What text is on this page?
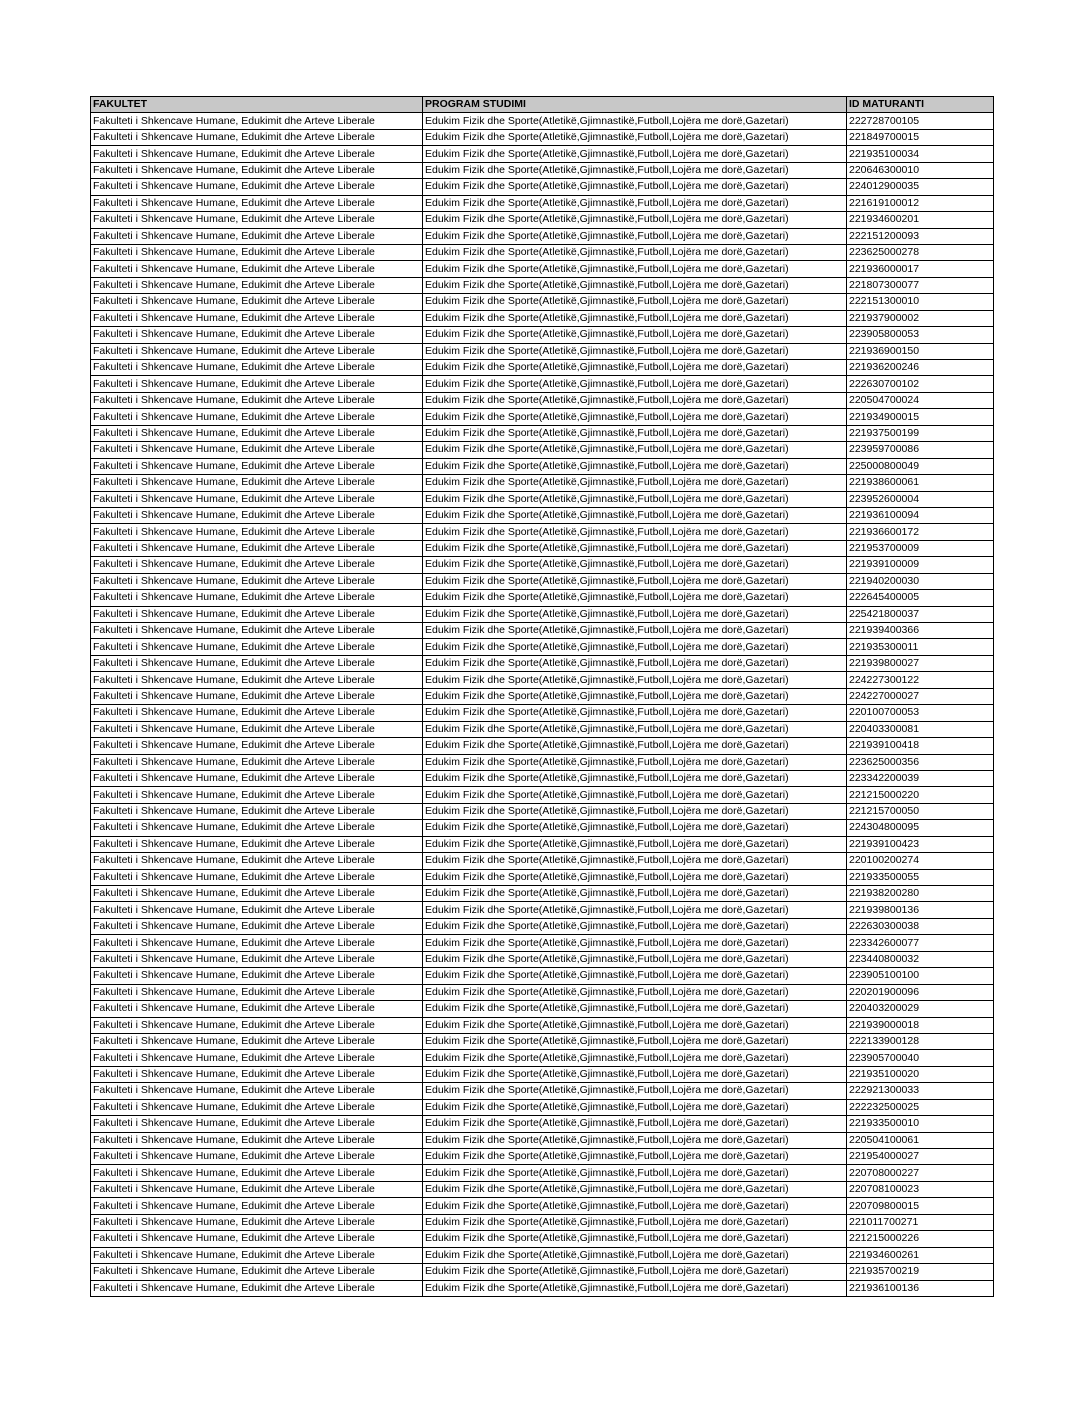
FAKULTET	PROGRAM STUDIMI	ID MATURANTI
Fakulteti i Shkencave Humane, Edukimit dhe Arteve Liberale	Edukim Fizik dhe Sporte(Atletikë,Gjimnastikë,Futboll,Lojëra me dorë,Gazetari)	222728700105
Fakulteti i Shkencave Humane, Edukimit dhe Arteve Liberale	Edukim Fizik dhe Sporte(Atletikë,Gjimnastikë,Futboll,Lojëra me dorë,Gazetari)	221849700015
Fakulteti i Shkencave Humane, Edukimit dhe Arteve Liberale	Edukim Fizik dhe Sporte(Atletikë,Gjimnastikë,Futboll,Lojëra me dorë,Gazetari)	221935100034
Fakulteti i Shkencave Humane, Edukimit dhe Arteve Liberale	Edukim Fizik dhe Sporte(Atletikë,Gjimnastikë,Futboll,Lojëra me dorë,Gazetari)	220646300010
Fakulteti i Shkencave Humane, Edukimit dhe Arteve Liberale	Edukim Fizik dhe Sporte(Atletikë,Gjimnastikë,Futboll,Lojëra me dorë,Gazetari)	224012900035
Fakulteti i Shkencave Humane, Edukimit dhe Arteve Liberale	Edukim Fizik dhe Sporte(Atletikë,Gjimnastikë,Futboll,Lojëra me dorë,Gazetari)	221619100012
Fakulteti i Shkencave Humane, Edukimit dhe Arteve Liberale	Edukim Fizik dhe Sporte(Atletikë,Gjimnastikë,Futboll,Lojëra me dorë,Gazetari)	221934600201
Fakulteti i Shkencave Humane, Edukimit dhe Arteve Liberale	Edukim Fizik dhe Sporte(Atletikë,Gjimnastikë,Futboll,Lojëra me dorë,Gazetari)	222151200093
Fakulteti i Shkencave Humane, Edukimit dhe Arteve Liberale	Edukim Fizik dhe Sporte(Atletikë,Gjimnastikë,Futboll,Lojëra me dorë,Gazetari)	223625000278
Fakulteti i Shkencave Humane, Edukimit dhe Arteve Liberale	Edukim Fizik dhe Sporte(Atletikë,Gjimnastikë,Futboll,Lojëra me dorë,Gazetari)	221936000017
Fakulteti i Shkencave Humane, Edukimit dhe Arteve Liberale	Edukim Fizik dhe Sporte(Atletikë,Gjimnastikë,Futboll,Lojëra me dorë,Gazetari)	221807300077
Fakulteti i Shkencave Humane, Edukimit dhe Arteve Liberale	Edukim Fizik dhe Sporte(Atletikë,Gjimnastikë,Futboll,Lojëra me dorë,Gazetari)	222151300010
Fakulteti i Shkencave Humane, Edukimit dhe Arteve Liberale	Edukim Fizik dhe Sporte(Atletikë,Gjimnastikë,Futboll,Lojëra me dorë,Gazetari)	221937900002
Fakulteti i Shkencave Humane, Edukimit dhe Arteve Liberale	Edukim Fizik dhe Sporte(Atletikë,Gjimnastikë,Futboll,Lojëra me dorë,Gazetari)	223905800053
Fakulteti i Shkencave Humane, Edukimit dhe Arteve Liberale	Edukim Fizik dhe Sporte(Atletikë,Gjimnastikë,Futboll,Lojëra me dorë,Gazetari)	221936900150
Fakulteti i Shkencave Humane, Edukimit dhe Arteve Liberale	Edukim Fizik dhe Sporte(Atletikë,Gjimnastikë,Futboll,Lojëra me dorë,Gazetari)	221936200246
Fakulteti i Shkencave Humane, Edukimit dhe Arteve Liberale	Edukim Fizik dhe Sporte(Atletikë,Gjimnastikë,Futboll,Lojëra me dorë,Gazetari)	222630700102
Fakulteti i Shkencave Humane, Edukimit dhe Arteve Liberale	Edukim Fizik dhe Sporte(Atletikë,Gjimnastikë,Futboll,Lojëra me dorë,Gazetari)	220504700024
Fakulteti i Shkencave Humane, Edukimit dhe Arteve Liberale	Edukim Fizik dhe Sporte(Atletikë,Gjimnastikë,Futboll,Lojëra me dorë,Gazetari)	221934900015
Fakulteti i Shkencave Humane, Edukimit dhe Arteve Liberale	Edukim Fizik dhe Sporte(Atletikë,Gjimnastikë,Futboll,Lojëra me dorë,Gazetari)	221937500199
Fakulteti i Shkencave Humane, Edukimit dhe Arteve Liberale	Edukim Fizik dhe Sporte(Atletikë,Gjimnastikë,Futboll,Lojëra me dorë,Gazetari)	223959700086
Fakulteti i Shkencave Humane, Edukimit dhe Arteve Liberale	Edukim Fizik dhe Sporte(Atletikë,Gjimnastikë,Futboll,Lojëra me dorë,Gazetari)	225000800049
Fakulteti i Shkencave Humane, Edukimit dhe Arteve Liberale	Edukim Fizik dhe Sporte(Atletikë,Gjimnastikë,Futboll,Lojëra me dorë,Gazetari)	221938600061
Fakulteti i Shkencave Humane, Edukimit dhe Arteve Liberale	Edukim Fizik dhe Sporte(Atletikë,Gjimnastikë,Futboll,Lojëra me dorë,Gazetari)	223952600004
Fakulteti i Shkencave Humane, Edukimit dhe Arteve Liberale	Edukim Fizik dhe Sporte(Atletikë,Gjimnastikë,Futboll,Lojëra me dorë,Gazetari)	221936100094
Fakulteti i Shkencave Humane, Edukimit dhe Arteve Liberale	Edukim Fizik dhe Sporte(Atletikë,Gjimnastikë,Futboll,Lojëra me dorë,Gazetari)	221936600172
Fakulteti i Shkencave Humane, Edukimit dhe Arteve Liberale	Edukim Fizik dhe Sporte(Atletikë,Gjimnastikë,Futboll,Lojëra me dorë,Gazetari)	221953700009
Fakulteti i Shkencave Humane, Edukimit dhe Arteve Liberale	Edukim Fizik dhe Sporte(Atletikë,Gjimnastikë,Futboll,Lojëra me dorë,Gazetari)	221939100009
Fakulteti i Shkencave Humane, Edukimit dhe Arteve Liberale	Edukim Fizik dhe Sporte(Atletikë,Gjimnastikë,Futboll,Lojëra me dorë,Gazetari)	221940200030
Fakulteti i Shkencave Humane, Edukimit dhe Arteve Liberale	Edukim Fizik dhe Sporte(Atletikë,Gjimnastikë,Futboll,Lojëra me dorë,Gazetari)	222645400005
Fakulteti i Shkencave Humane, Edukimit dhe Arteve Liberale	Edukim Fizik dhe Sporte(Atletikë,Gjimnastikë,Futboll,Lojëra me dorë,Gazetari)	225421800037
Fakulteti i Shkencave Humane, Edukimit dhe Arteve Liberale	Edukim Fizik dhe Sporte(Atletikë,Gjimnastikë,Futboll,Lojëra me dorë,Gazetari)	221939400366
Fakulteti i Shkencave Humane, Edukimit dhe Arteve Liberale	Edukim Fizik dhe Sporte(Atletikë,Gjimnastikë,Futboll,Lojëra me dorë,Gazetari)	221935300011
Fakulteti i Shkencave Humane, Edukimit dhe Arteve Liberale	Edukim Fizik dhe Sporte(Atletikë,Gjimnastikë,Futboll,Lojëra me dorë,Gazetari)	221939800027
Fakulteti i Shkencave Humane, Edukimit dhe Arteve Liberale	Edukim Fizik dhe Sporte(Atletikë,Gjimnastikë,Futboll,Lojëra me dorë,Gazetari)	224227300122
Fakulteti i Shkencave Humane, Edukimit dhe Arteve Liberale	Edukim Fizik dhe Sporte(Atletikë,Gjimnastikë,Futboll,Lojëra me dorë,Gazetari)	224227000027
Fakulteti i Shkencave Humane, Edukimit dhe Arteve Liberale	Edukim Fizik dhe Sporte(Atletikë,Gjimnastikë,Futboll,Lojëra me dorë,Gazetari)	220100700053
Fakulteti i Shkencave Humane, Edukimit dhe Arteve Liberale	Edukim Fizik dhe Sporte(Atletikë,Gjimnastikë,Futboll,Lojëra me dorë,Gazetari)	220403300081
Fakulteti i Shkencave Humane, Edukimit dhe Arteve Liberale	Edukim Fizik dhe Sporte(Atletikë,Gjimnastikë,Futboll,Lojëra me dorë,Gazetari)	221939100418
Fakulteti i Shkencave Humane, Edukimit dhe Arteve Liberale	Edukim Fizik dhe Sporte(Atletikë,Gjimnastikë,Futboll,Lojëra me dorë,Gazetari)	223625000356
Fakulteti i Shkencave Humane, Edukimit dhe Arteve Liberale	Edukim Fizik dhe Sporte(Atletikë,Gjimnastikë,Futboll,Lojëra me dorë,Gazetari)	223342200039
Fakulteti i Shkencave Humane, Edukimit dhe Arteve Liberale	Edukim Fizik dhe Sporte(Atletikë,Gjimnastikë,Futboll,Lojëra me dorë,Gazetari)	221215000220
Fakulteti i Shkencave Humane, Edukimit dhe Arteve Liberale	Edukim Fizik dhe Sporte(Atletikë,Gjimnastikë,Futboll,Lojëra me dorë,Gazetari)	221215700050
Fakulteti i Shkencave Humane, Edukimit dhe Arteve Liberale	Edukim Fizik dhe Sporte(Atletikë,Gjimnastikë,Futboll,Lojëra me dorë,Gazetari)	224304800095
Fakulteti i Shkencave Humane, Edukimit dhe Arteve Liberale	Edukim Fizik dhe Sporte(Atletikë,Gjimnastikë,Futboll,Lojëra me dorë,Gazetari)	221939100423
Fakulteti i Shkencave Humane, Edukimit dhe Arteve Liberale	Edukim Fizik dhe Sporte(Atletikë,Gjimnastikë,Futboll,Lojëra me dorë,Gazetari)	220100200274
Fakulteti i Shkencave Humane, Edukimit dhe Arteve Liberale	Edukim Fizik dhe Sporte(Atletikë,Gjimnastikë,Futboll,Lojëra me dorë,Gazetari)	221933500055
Fakulteti i Shkencave Humane, Edukimit dhe Arteve Liberale	Edukim Fizik dhe Sporte(Atletikë,Gjimnastikë,Futboll,Lojëra me dorë,Gazetari)	221938200280
Fakulteti i Shkencave Humane, Edukimit dhe Arteve Liberale	Edukim Fizik dhe Sporte(Atletikë,Gjimnastikë,Futboll,Lojëra me dorë,Gazetari)	221939800136
Fakulteti i Shkencave Humane, Edukimit dhe Arteve Liberale	Edukim Fizik dhe Sporte(Atletikë,Gjimnastikë,Futboll,Lojëra me dorë,Gazetari)	222630300038
Fakulteti i Shkencave Humane, Edukimit dhe Arteve Liberale	Edukim Fizik dhe Sporte(Atletikë,Gjimnastikë,Futboll,Lojëra me dorë,Gazetari)	223342600077
Fakulteti i Shkencave Humane, Edukimit dhe Arteve Liberale	Edukim Fizik dhe Sporte(Atletikë,Gjimnastikë,Futboll,Lojëra me dorë,Gazetari)	223440800032
Fakulteti i Shkencave Humane, Edukimit dhe Arteve Liberale	Edukim Fizik dhe Sporte(Atletikë,Gjimnastikë,Futboll,Lojëra me dorë,Gazetari)	223905100100
Fakulteti i Shkencave Humane, Edukimit dhe Arteve Liberale	Edukim Fizik dhe Sporte(Atletikë,Gjimnastikë,Futboll,Lojëra me dorë,Gazetari)	220201900096
Fakulteti i Shkencave Humane, Edukimit dhe Arteve Liberale	Edukim Fizik dhe Sporte(Atletikë,Gjimnastikë,Futboll,Lojëra me dorë,Gazetari)	220403200029
Fakulteti i Shkencave Humane, Edukimit dhe Arteve Liberale	Edukim Fizik dhe Sporte(Atletikë,Gjimnastikë,Futboll,Lojëra me dorë,Gazetari)	221939000018
Fakulteti i Shkencave Humane, Edukimit dhe Arteve Liberale	Edukim Fizik dhe Sporte(Atletikë,Gjimnastikë,Futboll,Lojëra me dorë,Gazetari)	222133900128
Fakulteti i Shkencave Humane, Edukimit dhe Arteve Liberale	Edukim Fizik dhe Sporte(Atletikë,Gjimnastikë,Futboll,Lojëra me dorë,Gazetari)	223905700040
Fakulteti i Shkencave Humane, Edukimit dhe Arteve Liberale	Edukim Fizik dhe Sporte(Atletikë,Gjimnastikë,Futboll,Lojëra me dorë,Gazetari)	221935100020
Fakulteti i Shkencave Humane, Edukimit dhe Arteve Liberale	Edukim Fizik dhe Sporte(Atletikë,Gjimnastikë,Futboll,Lojëra me dorë,Gazetari)	222921300033
Fakulteti i Shkencave Humane, Edukimit dhe Arteve Liberale	Edukim Fizik dhe Sporte(Atletikë,Gjimnastikë,Futboll,Lojëra me dorë,Gazetari)	222232500025
Fakulteti i Shkencave Humane, Edukimit dhe Arteve Liberale	Edukim Fizik dhe Sporte(Atletikë,Gjimnastikë,Futboll,Lojëra me dorë,Gazetari)	221933500010
Fakulteti i Shkencave Humane, Edukimit dhe Arteve Liberale	Edukim Fizik dhe Sporte(Atletikë,Gjimnastikë,Futboll,Lojëra me dorë,Gazetari)	220504100061
Fakulteti i Shkencave Humane, Edukimit dhe Arteve Liberale	Edukim Fizik dhe Sporte(Atletikë,Gjimnastikë,Futboll,Lojëra me dorë,Gazetari)	221954000027
Fakulteti i Shkencave Humane, Edukimit dhe Arteve Liberale	Edukim Fizik dhe Sporte(Atletikë,Gjimnastikë,Futboll,Lojëra me dorë,Gazetari)	220708000227
Fakulteti i Shkencave Humane, Edukimit dhe Arteve Liberale	Edukim Fizik dhe Sporte(Atletikë,Gjimnastikë,Futboll,Lojëra me dorë,Gazetari)	220708100023
Fakulteti i Shkencave Humane, Edukimit dhe Arteve Liberale	Edukim Fizik dhe Sporte(Atletikë,Gjimnastikë,Futboll,Lojëra me dorë,Gazetari)	220709800015
Fakulteti i Shkencave Humane, Edukimit dhe Arteve Liberale	Edukim Fizik dhe Sporte(Atletikë,Gjimnastikë,Futboll,Lojëra me dorë,Gazetari)	221011700271
Fakulteti i Shkencave Humane, Edukimit dhe Arteve Liberale	Edukim Fizik dhe Sporte(Atletikë,Gjimnastikë,Futboll,Lojëra me dorë,Gazetari)	221215000226
Fakulteti i Shkencave Humane, Edukimit dhe Arteve Liberale	Edukim Fizik dhe Sporte(Atletikë,Gjimnastikë,Futboll,Lojëra me dorë,Gazetari)	221934600261
Fakulteti i Shkencave Humane, Edukimit dhe Arteve Liberale	Edukim Fizik dhe Sporte(Atletikë,Gjimnastikë,Futboll,Lojëra me dorë,Gazetari)	221935700219
Fakulteti i Shkencave Humane, Edukimit dhe Arteve Liberale	Edukim Fizik dhe Sporte(Atletikë,Gjimnastikë,Futboll,Lojëra me dorë,Gazetari)	221936100136
